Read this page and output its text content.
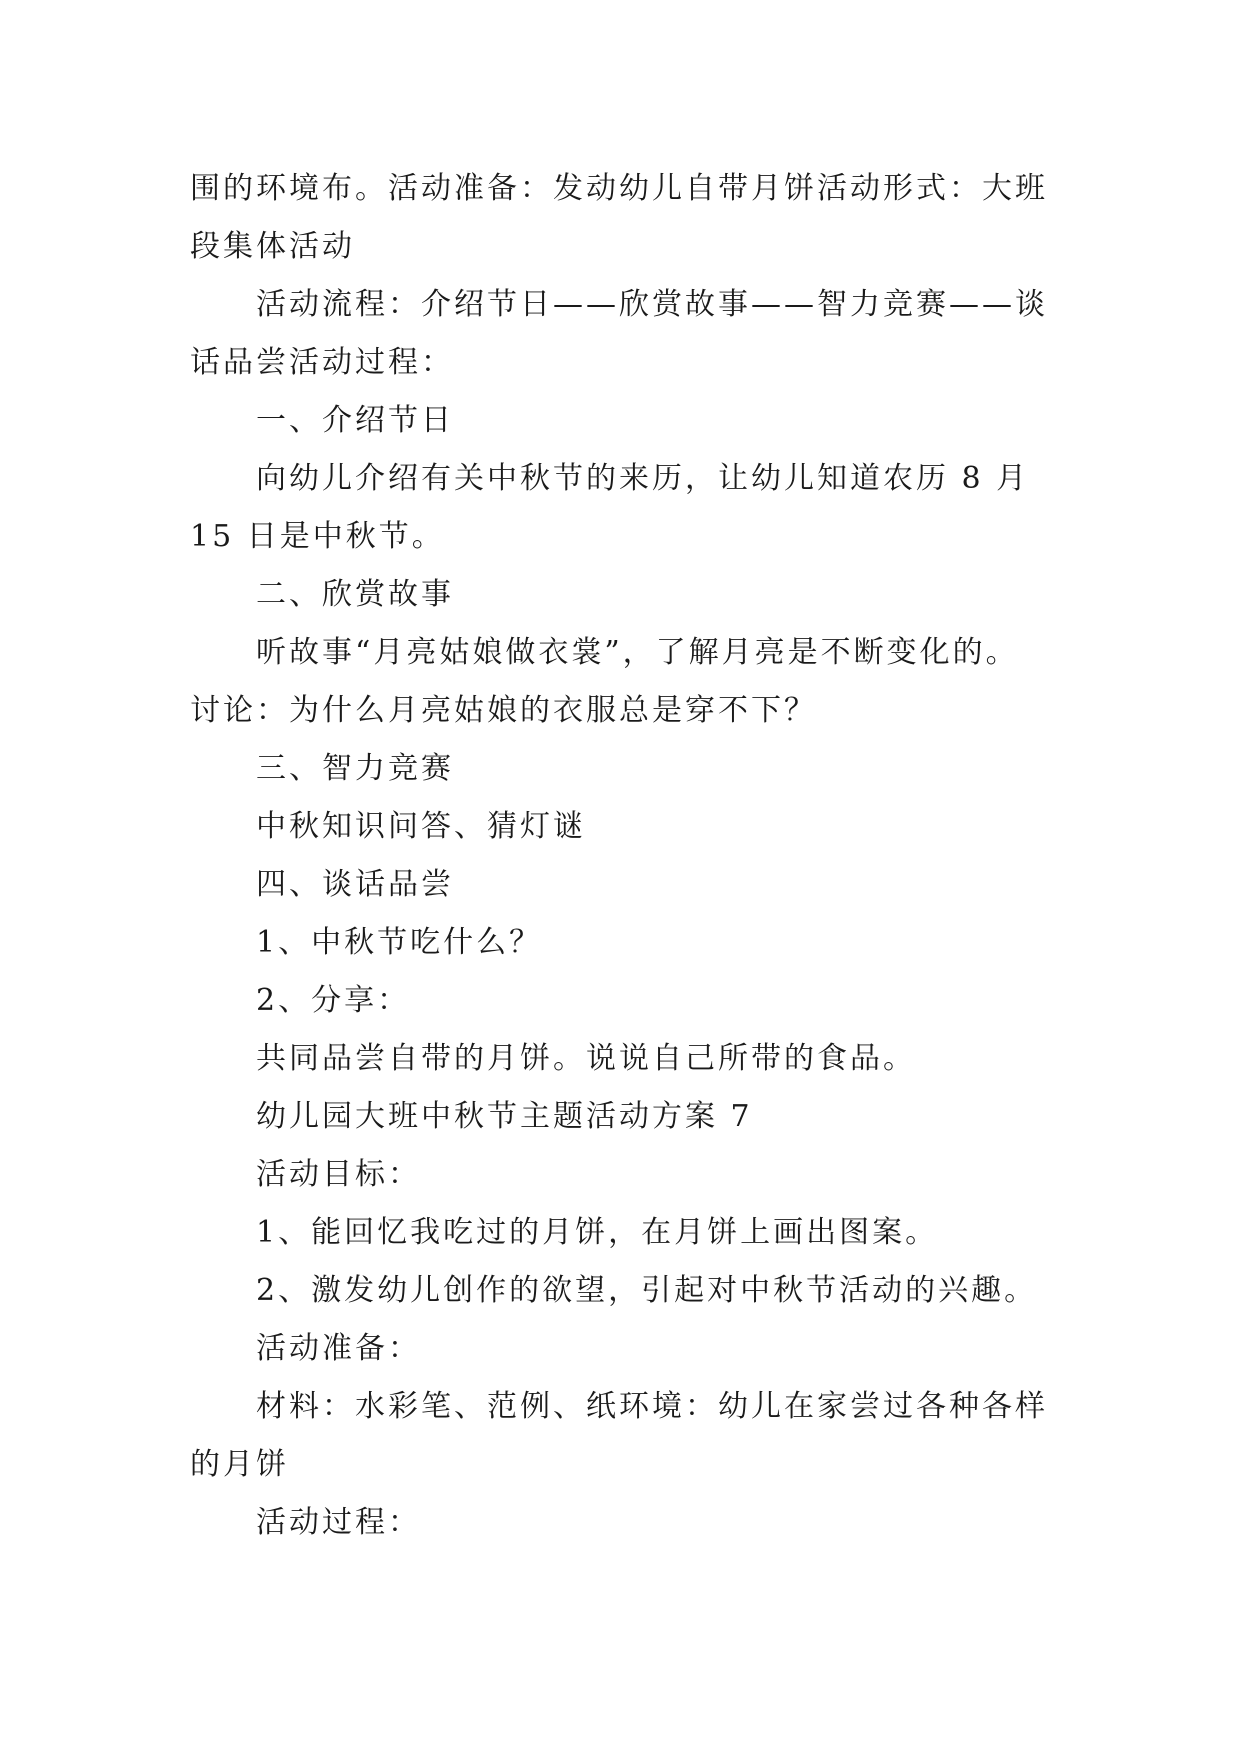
围的环境布。活动准备：发动幼儿自带月饼活动形式：大班段集体活动

活动流程：介绍节日——欣赏故事——智力竞赛——谈话品尝活动过程：

一、介绍节日

向幼儿介绍有关中秋节的来历，让幼儿知道农历 8 月 15 日是中秋节。

二、欣赏故事

听故事“月亮姑娘做衣裳”，了解月亮是不断变化的。讨论：为什么月亮姑娘的衣服总是穿不下？

三、智力竞赛

中秋知识问答、猜灯谜

四、谈话品尝

1、中秋节吃什么？

2、分享：

共同品尝自带的月饼。说说自己所带的食品。

幼儿园大班中秋节主题活动方案 7

活动目标：

1、能回忆我吃过的月饼，在月饼上画出图案。

2、激发幼儿创作的欲望，引起对中秋节活动的兴趣。

活动准备：

材料：水彩笔、范例、纸环境：幼儿在家尝过各种各样的月饼

活动过程：
